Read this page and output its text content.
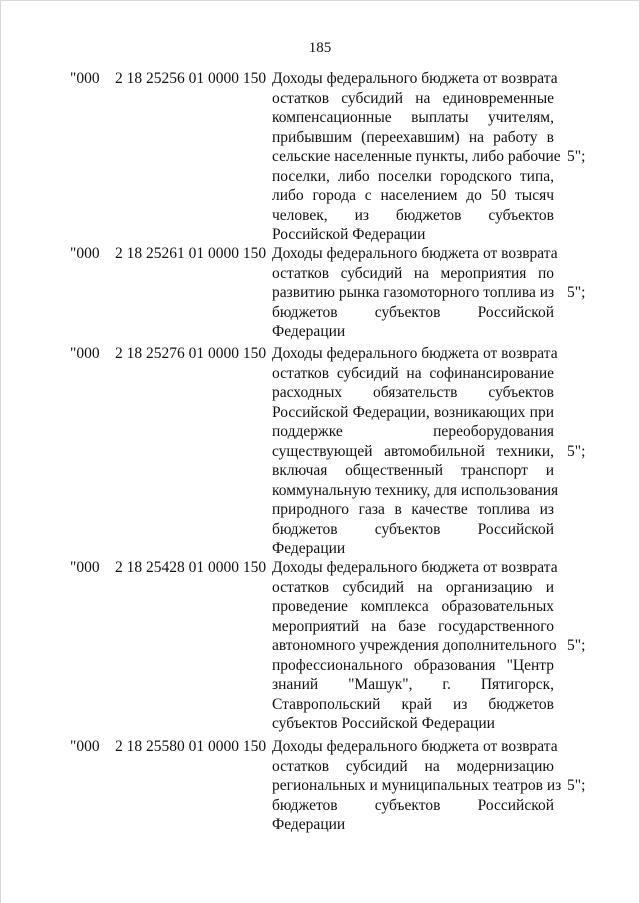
185
"000 2 18 25256 01 0000 150 Доходы федерального бюджета от возврата
остатков субсидий на единовременные
компенсационные выплаты учителям,
прибывшим (переехавшим) на работу в
сельские населенные пункты, либо рабочие
поселки, либо поселки городского типа,
либо города с населением до 50 тысяч
человек, из бюджетов субъектов
Российской Федерации
5";
"000 2 18 25261 01 0000 150 Доходы федерального бюджета от возврата
остатков субсидий на мероприятия по
развитию рынка газомоторного топлива из
бюджетов субъектов Российской
Федерации
5";
"000 2 18 25276 01 0000 150 Доходы федерального бюджета от возврата
остатков субсидий на софинансирование
расходных обязательств субъектов
Российской Федерации, возникающих при
поддержке переоборудования
существующей автомобильной техники,
включая общественный транспорт и
коммунальную технику, для использования
природного газа в качестве топлива из
бюджетов субъектов Российской
Федерации
5";
"000 2 18 25428 01 0000 150 Доходы федерального бюджета от возврата
остатков субсидий на организацию и
проведение комплекса образовательных
мероприятий на базе государственного
автономного учреждения дополнительного
профессионального образования "Центр
знаний "Машук", г. Пятигорск,
Ставропольский край из бюджетов
субъектов Российской Федерации
5";
"000 2 18 25580 01 0000 150 Доходы федерального бюджета от возврата
остатков субсидий на модернизацию
региональных и муниципальных театров из
бюджетов субъектов Российской
Федерации
5";
